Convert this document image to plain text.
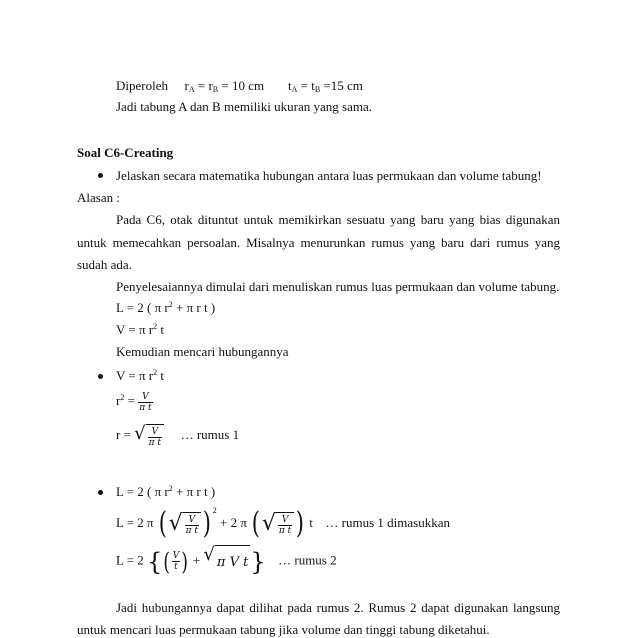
Diperoleh $r_A = r_B = 10$ cm $t_A = t_B =15$ cm
Jadi tabung A dan B memiliki ukuran yang sama.
Soal C6-Creating
Jelaskan secara matematika hubungan antara luas permukaan dan volume tabung!
Alasan :
Pada C6, otak dituntut untuk memikirkan sesuatu yang baru yang bias digunakan
untuk memecahkan persoalan. Misalnya menurunkan rumus yang baru dari rumus yang
sudah ada.
Penyelesaiannya dimulai dari menuliskan rumus luas permukaan dan volume tabung.
L = 2 ( π $r^2 + \pi$ r t )
V = π $r^2$ t
Kemudian mencari hubungannya
V = π $r^2$ t
$r^2 = \frac{V}{\text{π t}}$
r = √ $\frac{V}{\text{π t}}$ … rumus 1
L = 2 ( π $r^2 + \pi$ r t )
L = 2 π ( √ $\frac{V}{\text{π t}}$ ) $^2$ + 2 π ( √ $\frac{V}{\text{π t}}$ ) t … rumus 1 dimasukkan
L = 2 {( $\frac{V}{t}$ ) + √ π V t } … rumus 2
Jadi hubungannya dapat dilihat pada rumus 2. Rumus 2 dapat digunakan langsung
untuk mencari luas permukaan tabung jika volume dan tinggi tabung diketahui.
